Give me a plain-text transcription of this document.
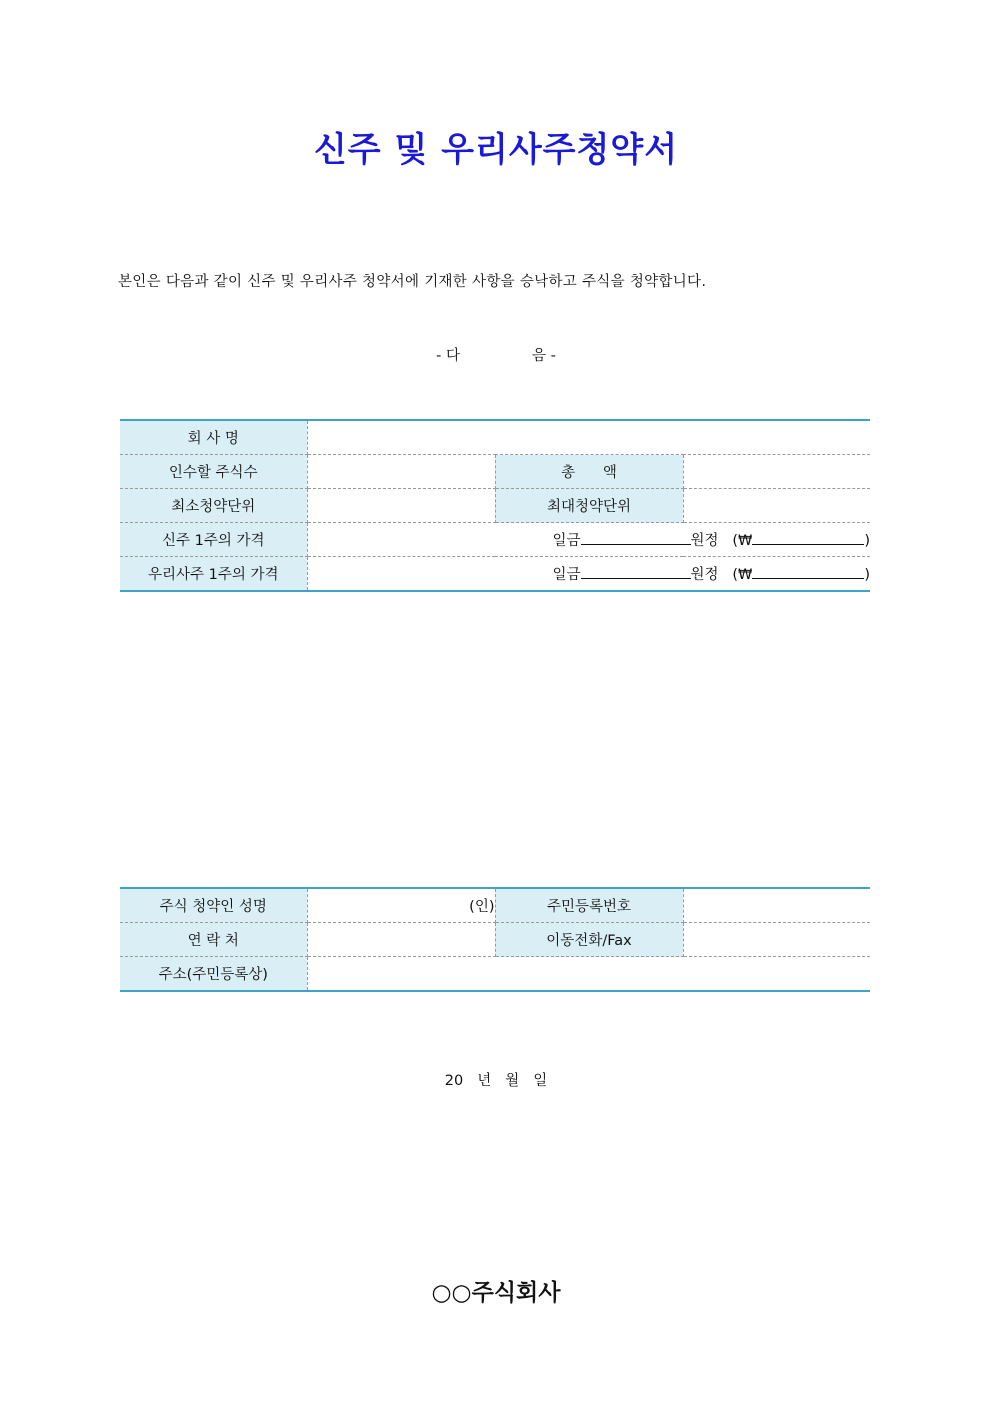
신주 및 우리사주청약서
본인은 다음과 같이 신주 및 우리사주 청약서에 기재한 사항을 승낙하고 주식을 청약합니다.
- 다	음 -
회 사 명			
인수할 주식수		총      액	
최소청약단위		최대청약단위	
신주 1주의 가격	일금 원정 (₩ )		
우리사주 1주의 가격	일금 원정 (₩ )		
주식 청약인 성명	(인)	주민등록번호	
연 락 처		이동전화/Fax	
주소(주민등록상)			
20 년 월 일
○○주식회사
